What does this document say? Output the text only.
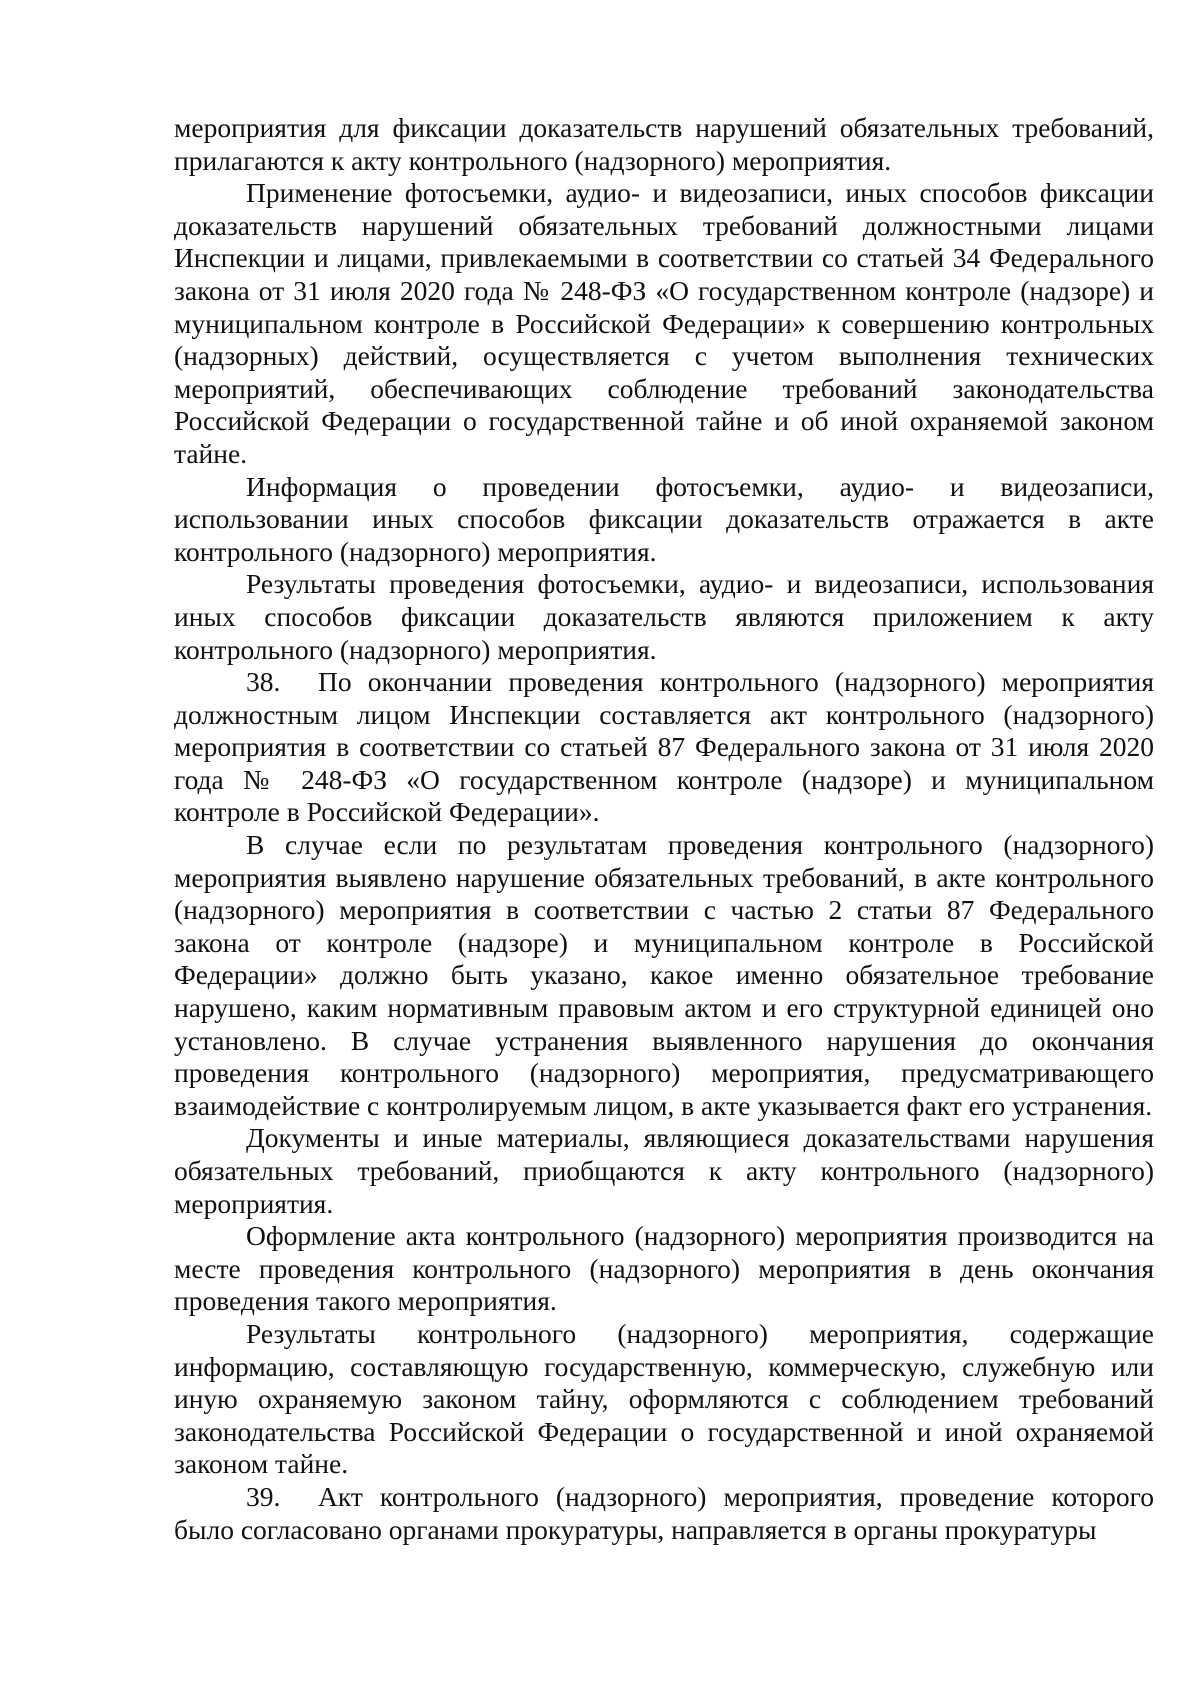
мероприятия для фиксации доказательств нарушений обязательных требований, прилагаются к акту контрольного (надзорного) мероприятия.

Применение фотосъемки, аудио- и видеозаписи, иных способов фиксации доказательств нарушений обязательных требований должностными лицами Инспекции и лицами, привлекаемыми в соответствии со статьей 34 Федерального закона от 31 июля 2020 года № 248-ФЗ «О государственном контроле (надзоре) и муниципальном контроле в Российской Федерации» к совершению контрольных (надзорных) действий, осуществляется с учетом выполнения технических мероприятий, обеспечивающих соблюдение требований законодательства Российской Федерации о государственной тайне и об иной охраняемой законом тайне.

Информация о проведении фотосъемки, аудио- и видеозаписи, использовании иных способов фиксации доказательств отражается в акте контрольного (надзорного) мероприятия.

Результаты проведения фотосъемки, аудио- и видеозаписи, использования иных способов фиксации доказательств являются приложением к акту контрольного (надзорного) мероприятия.

38. По окончании проведения контрольного (надзорного) мероприятия должностным лицом Инспекции составляется акт контрольного (надзорного) мероприятия в соответствии со статьей 87 Федерального закона от 31 июля 2020 года № 248-ФЗ «О государственном контроле (надзоре) и муниципальном контроле в Российской Федерации».

В случае если по результатам проведения контрольного (надзорного) мероприятия выявлено нарушение обязательных требований, в акте контрольного (надзорного) мероприятия в соответствии с частью 2 статьи 87 Федерального закона от контроле (надзоре) и муниципальном контроле в Российской Федерации» должно быть указано, какое именно обязательное требование нарушено, каким нормативным правовым актом и его структурной единицей оно установлено. В случае устранения выявленного нарушения до окончания проведения контрольного (надзорного) мероприятия, предусматривающего взаимодействие с контролируемым лицом, в акте указывается факт его устранения.

Документы и иные материалы, являющиеся доказательствами нарушения обязательных требований, приобщаются к акту контрольного (надзорного) мероприятия.

Оформление акта контрольного (надзорного) мероприятия производится на месте проведения контрольного (надзорного) мероприятия в день окончания проведения такого мероприятия.

Результаты контрольного (надзорного) мероприятия, содержащие информацию, составляющую государственную, коммерческую, служебную или иную охраняемую законом тайну, оформляются с соблюдением требований законодательства Российской Федерации о государственной и иной охраняемой законом тайне.

39. Акт контрольного (надзорного) мероприятия, проведение которого было согласовано органами прокуратуры, направляется в органы прокуратуры
